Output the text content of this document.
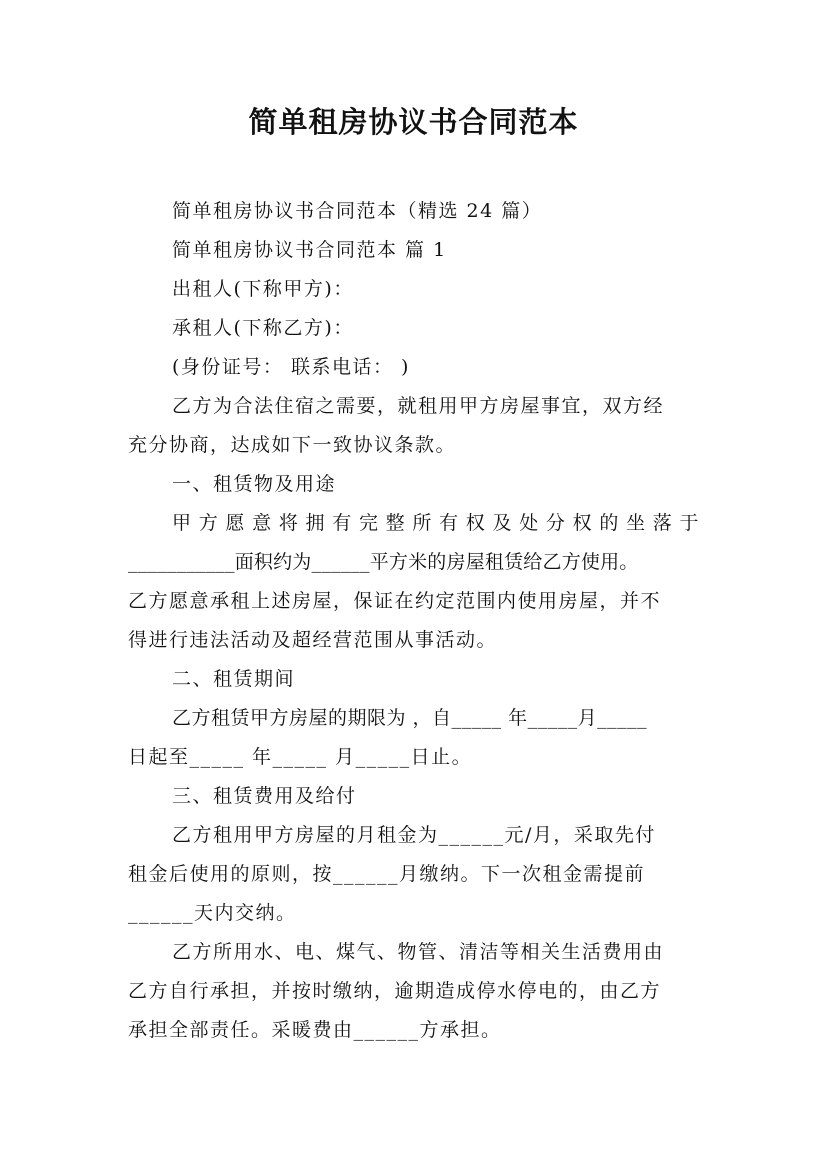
简单租房协议书合同范本
简单租房协议书合同范本（精选 24 篇）
简单租房协议书合同范本 篇 1
出租人(下称甲方)：
承租人(下称乙方)：
(身份证号： 联系电话： )
乙方为合法住宿之需要，就租用甲方房屋事宜，双方经
充分协商，达成如下一致协议条款。
一、租赁物及用途
甲方愿意将拥有完整所有权及处分权的坐落于
___________面积约为______平方米的房屋租赁给乙方使用。
乙方愿意承租上述房屋，保证在约定范围内使用房屋，并不
得进行违法活动及超经营范围从事活动。
二、租赁期间
乙方租赁甲方房屋的期限为 ，自_____ 年_____月_____
日起至_____ 年_____ 月_____日止。
三、租赁费用及给付
乙方租用甲方房屋的月租金为______元/月，采取先付
租金后使用的原则，按______月缴纳。下一次租金需提前
______天内交纳。
乙方所用水、电、煤气、物管、清洁等相关生活费用由
乙方自行承担，并按时缴纳，逾期造成停水停电的，由乙方
承担全部责任。采暖费由______方承担。
